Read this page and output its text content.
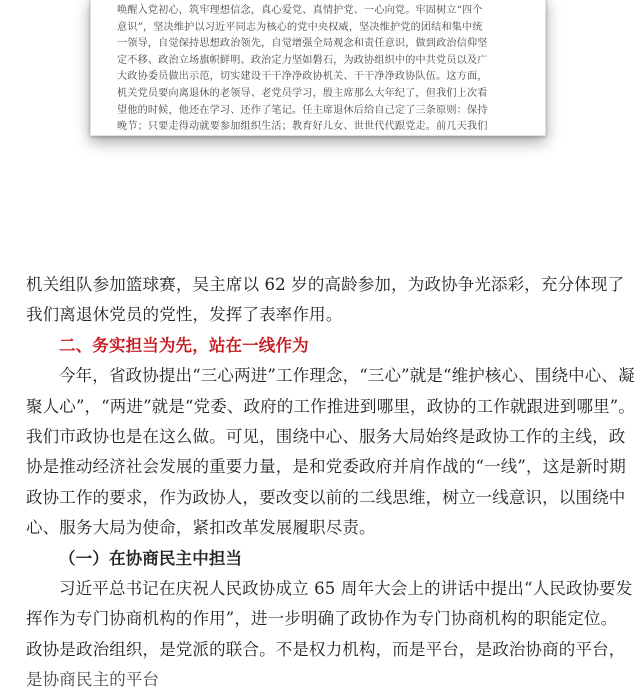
唤醒入党初心，筑牢理想信念，真心爱党、真情护党、一心向党。牢固树立“四个
意识”，坚决维护以习近平同志为核心的党中央权威，坚决维护党的团结和集中统
一领导，自觉保持思想政治领先，自觉增强全局观念和责任意识，做到政治信仰坚
定不移、政治立场旗帜鲜明、政治定力坚如磐石，为政协组织中的中共党员以及广
大政协委员做出示范，切实建设干干净净政协机关、干干净净政协队伍。这方面，
机关党员要向离退休的老领导、老党员学习，殷主席那么大年纪了，但我们上次看
望他的时候，他还在学习、还作了笔记。任主席退休后给自己定了三条原则：保持
晚节；只要走得动就要参加组织生活；教育好儿女、世世代代跟党走。前几天我们
机关组队参加篮球赛，吴主席以 62 岁的高龄参加，为政协争光添彩，充分体现了
我们离退休党员的党性，发挥了表率作用。
二、务实担当为先，站在一线作为
今年，省政协提出“三心两进”工作理念，“三心”就是“维护核心、围绕中心、凝
聚人心”，“两进”就是“党委、政府的工作推进到哪里，政协的工作就跟进到哪里”。
我们市政协也是在这么做。可见，围绕中心、服务大局始终是政协工作的主线，政
协是推动经济社会发展的重要力量，是和党委政府并肩作战的“一线”，这是新时期
政协工作的要求，作为政协人，要改变以前的二线思维，树立一线意识，以围绕中
心、服务大局为使命，紧扣改革发展履职尽责。
（一）在协商民主中担当
习近平总书记在庆祝人民政协成立 65 周年大会上的讲话中提出“人民政协要发
挥作为专门协商机构的作用”，进一步明确了政协作为专门协商机构的职能定位。
政协是政治组织，是党派的联合。不是权力机构，而是平台，是政治协商的平台，
是协商民主的平台
